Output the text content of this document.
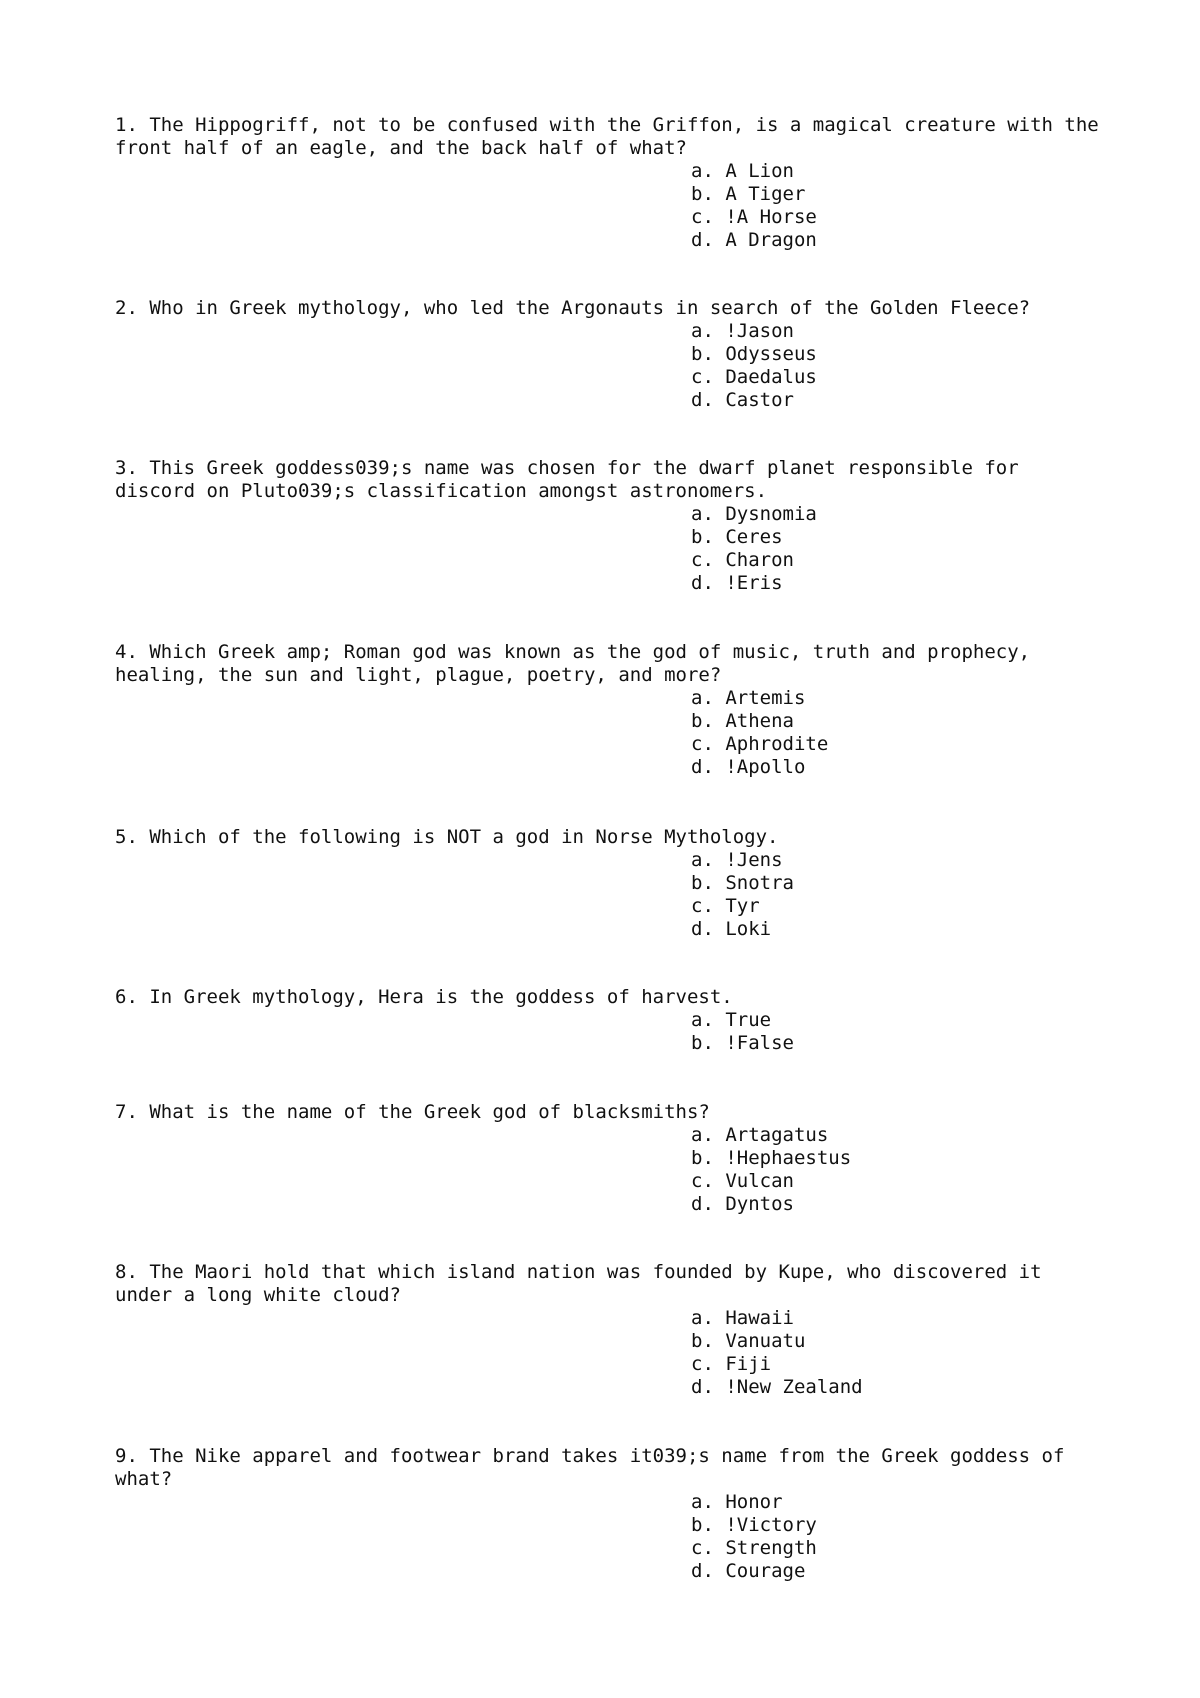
1. The Hippogriff, not to be confused with the Griffon, is a magical creature with the front half of an eagle, and the back half of what?

a. A Lion
b. A Tiger
c. !A Horse
d. A Dragon

2. Who in Greek mythology, who led the Argonauts in search of the Golden Fleece?

a. !Jason
b. Odysseus
c. Daedalus
d. Castor

3. This Greek goddess039;s name was chosen for the dwarf planet responsible for discord on Pluto039;s classification amongst astronomers.

a. Dysnomia
b. Ceres
c. Charon
d. !Eris

4. Which Greek amp; Roman god was known as the god of music, truth and prophecy, healing, the sun and light, plague, poetry, and more?

a. Artemis
b. Athena
c. Aphrodite
d. !Apollo

5. Which of the following is NOT a god in Norse Mythology.

a. !Jens
b. Snotra
c. Tyr
d. Loki

6. In Greek mythology, Hera is the goddess of harvest.

a. True
b. !False

7. What is the name of the Greek god of blacksmiths?

a. Artagatus
b. !Hephaestus
c. Vulcan
d. Dyntos

8. The Maori hold that which island nation was founded by Kupe, who discovered it under a long white cloud?

a. Hawaii
b. Vanuatu
c. Fiji
d. !New Zealand

9. The Nike apparel and footwear brand takes it039;s name from the Greek goddess of what?

a. Honor
b. !Victory
c. Strength
d. Courage
